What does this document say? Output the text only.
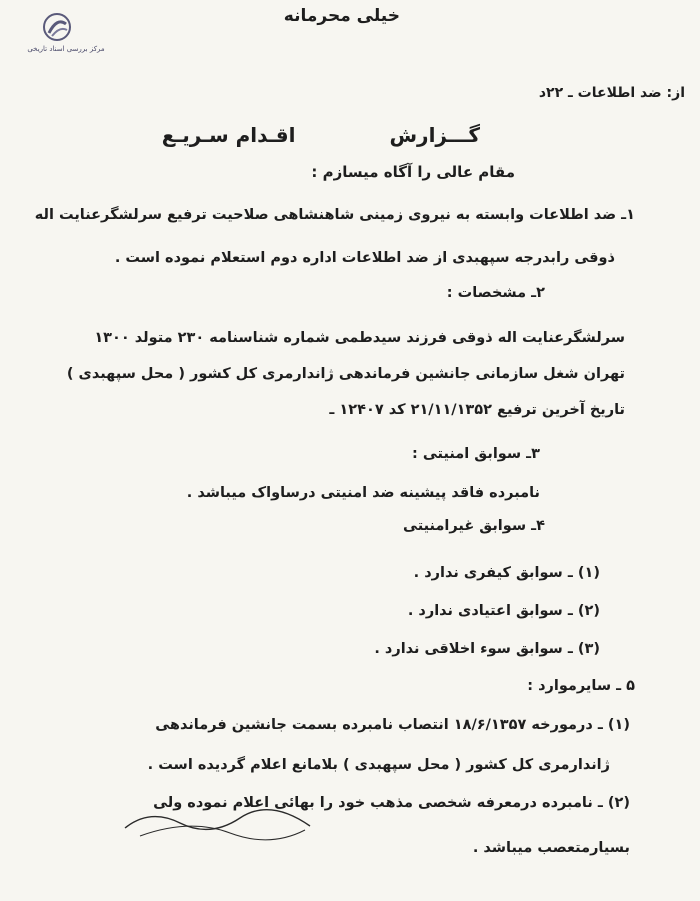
مرکز بررسی اسناد تاریخی
خیلی محرمانه
از: ضد اطلاعات ـ ۲۲د
گـــزارش  اقـدام سـریـع
مقام عالی را آگاه میسازم :
۱ـ ضد اطلاعات وابسته به نیروی زمینی شاهنشاهی صلاحیت ترفیع سرلشگرعنایت اله
ذوقی رابدرجه سپهبدی از ضد اطلاعات اداره دوم استعلام نموده است .
۲ـ مشخصات :
سرلشگرعنایت اله ذوقی فرزند سیدطمی شماره شناسنامه ۲۳۰ متولد ۱۳۰۰
تهران شغل سازمانی جانشین فرماندهی ژاندارمری کل کشور ( محل سپهبدی )
تاریخ آخرین ترفیع ۲۱/۱۱/۱۳۵۲ کد ۱۲۴۰۷ ـ
۳ـ سوابق امنیتی :
نامبرده فاقد پیشینه ضد امنیتی درساواک میباشد .
۴ـ سوابق غیرامنیتی
(۱) ـ سوابق کیفری ندارد .
(۲) ـ سوابق اعتیادی ندارد .
(۳) ـ سوابق سوء اخلاقی ندارد .
۵ ـ سایرموارد :
(۱) ـ درمورخه ۱۸/۶/۱۳۵۷ انتصاب نامبرده بسمت جانشین فرماندهی
ژاندارمری کل کشور ( محل سپهبدی ) بلامانع اعلام گردیده است .
(۲) ـ نامبرده درمعرفه شخصی مذهب خود را بهائی اعلام نموده ولی
بسیارمتعصب میباشد .
